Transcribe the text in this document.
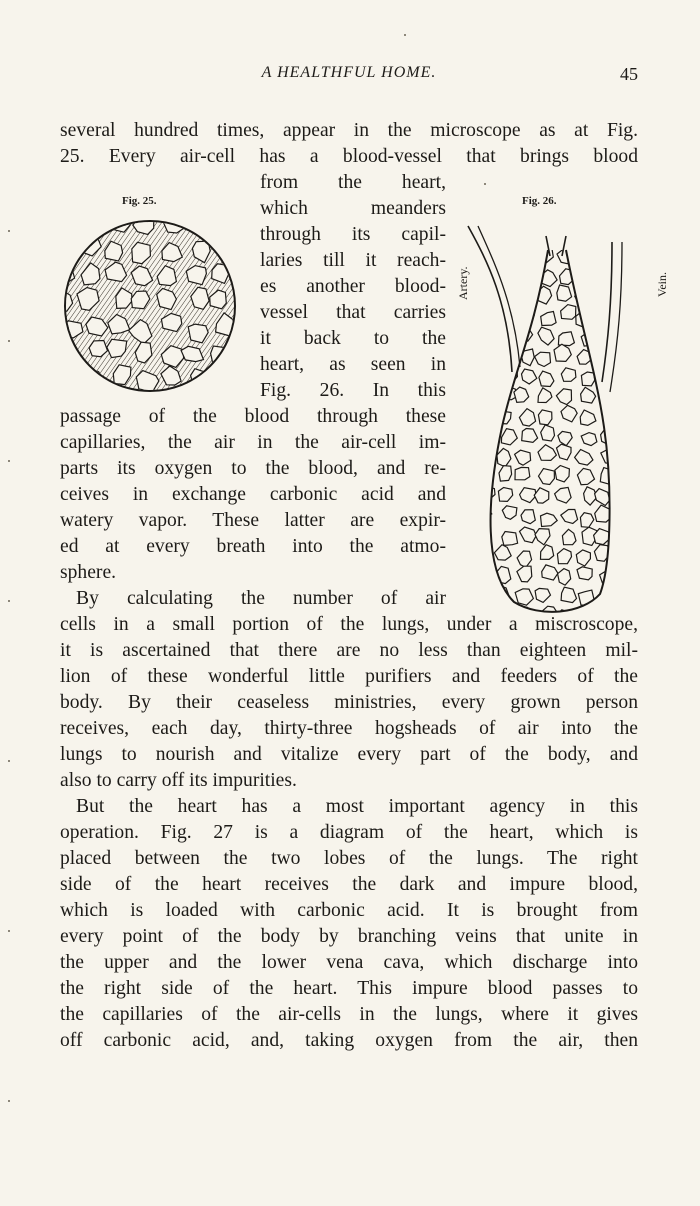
A HEALTHFUL HOME.	45
several hundred times, appear in the microscope as at Fig.
25. Every air-cell has a blood-vessel that brings blood
from the heart,
which meanders
through its capil-
laries till it reach-
es another blood-
vessel that carries
it back to the
heart, as seen in
Fig. 26. In this
passage of the blood through these
capillaries, the air in the air-cell im-
parts its oxygen to the blood, and re-
ceives in exchange carbonic acid and
watery vapor. These latter are expir-
ed at every breath into the atmo-
sphere.
By calculating the number of air
cells in a small portion of the lungs, under a miscroscope,
it is ascertained that there are no less than eighteen mil-
lion of these wonderful little purifiers and feeders of the
body. By their ceaseless ministries, every grown person
receives, each day, thirty-three hogsheads of air into the
lungs to nourish and vitalize every part of the body, and
also to carry off its impurities.
But the heart has a most important agency in this
operation. Fig. 27 is a diagram of the heart, which is
placed between the two lobes of the lungs. The right
side of the heart receives the dark and impure blood,
which is loaded with carbonic acid. It is brought from
every point of the body by branching veins that unite in
the upper and the lower vena cava, which discharge into
the right side of the heart. This impure blood passes to
the capillaries of the air-cells in the lungs, where it gives
off carbonic acid, and, taking oxygen from the air, then
Fig. 25.	Fig. 26.
Artery.	Vein.
